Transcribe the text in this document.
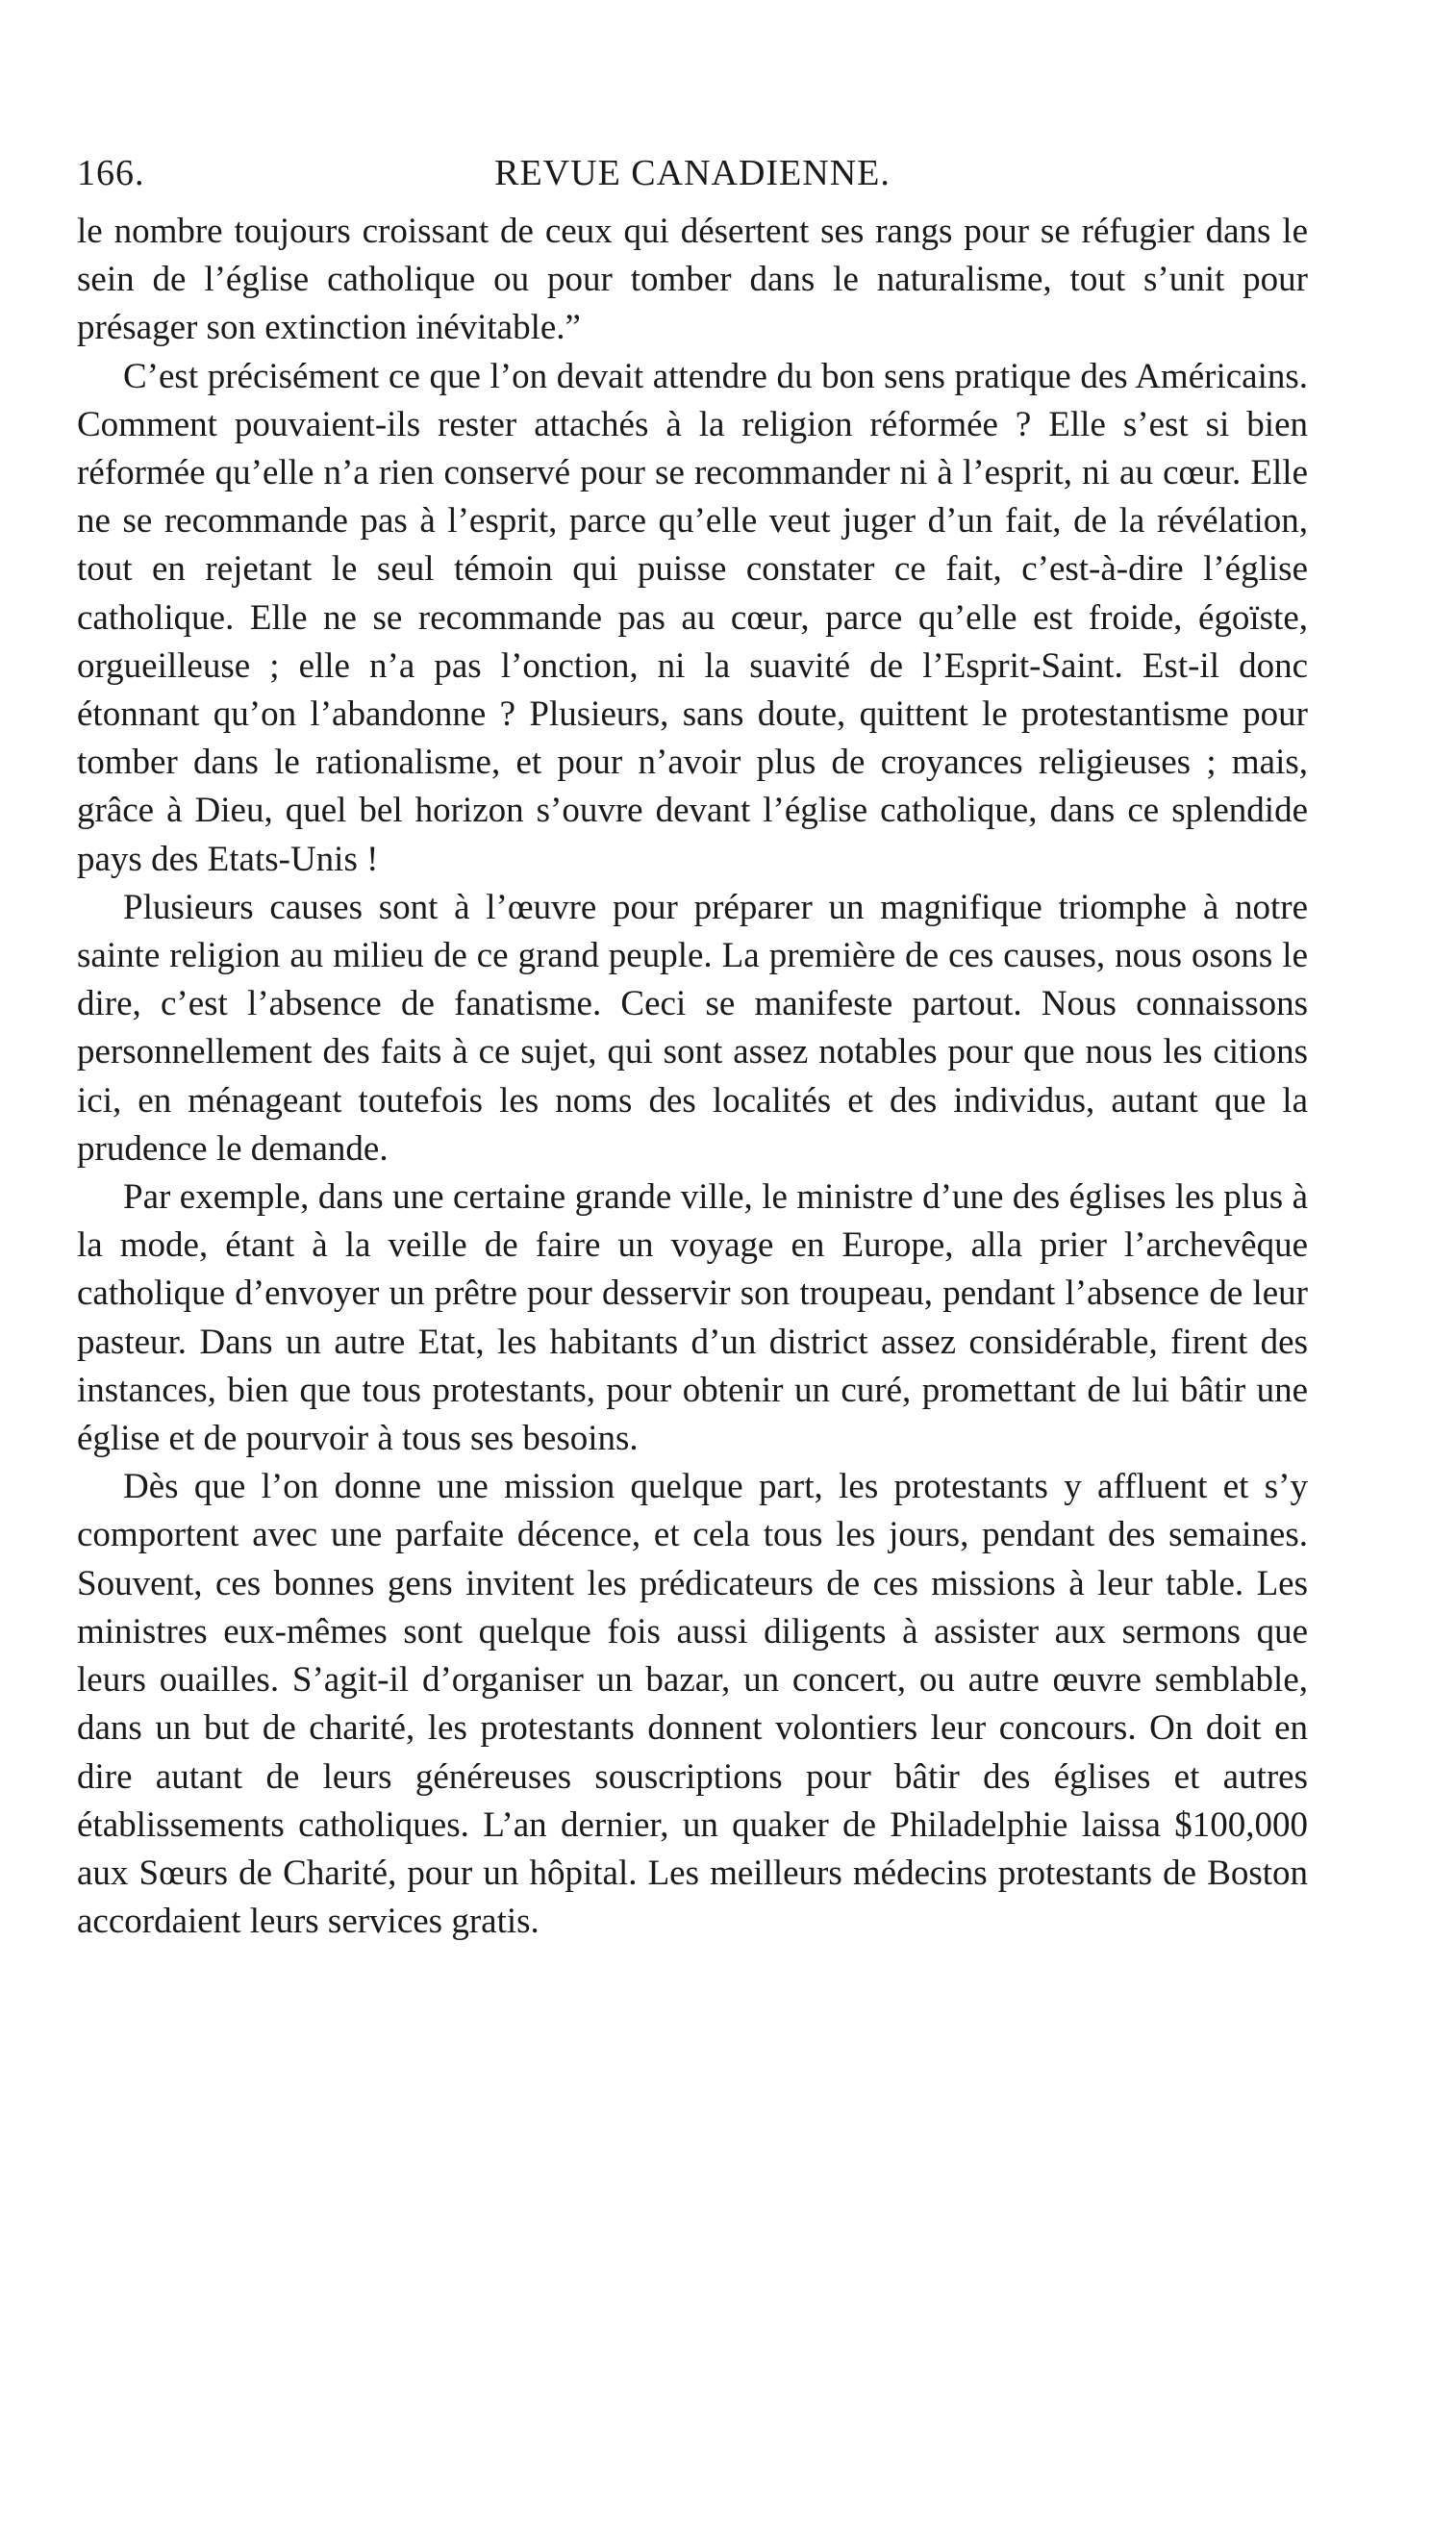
166.	REVUE CANADIENNE.

le nombre toujours croissant de ceux qui désertent ses rangs pour se réfugier dans le sein de l’église catholique ou pour tomber dans le naturalisme, tout s’unit pour présager son extinction inévitable.”

C’est précisément ce que l’on devait attendre du bon sens pratique des Américains. Comment pouvaient-ils rester attachés à la religion réformée ? Elle s’est si bien réformée qu’elle n’a rien conservé pour se recommander ni à l’esprit, ni au cœur. Elle ne se recommande pas à l’esprit, parce qu’elle veut juger d’un fait, de la révélation, tout en rejetant le seul témoin qui puisse constater ce fait, c’est-à-dire l’église catholique. Elle ne se recommande pas au cœur, parce qu’elle est froide, égoïste, orgueilleuse ; elle n’a pas l’onction, ni la suavité de l’Esprit-Saint. Est-il donc étonnant qu’on l’abandonne ? Plusieurs, sans doute, quittent le protestantisme pour tomber dans le rationalisme, et pour n’avoir plus de croyances religieuses ; mais, grâce à Dieu, quel bel horizon s’ouvre devant l’église catholique, dans ce splendide pays des Etats-Unis !

Plusieurs causes sont à l’œuvre pour préparer un magnifique triomphe à notre sainte religion au milieu de ce grand peuple. La première de ces causes, nous osons le dire, c’est l’absence de fanatisme. Ceci se manifeste partout. Nous connaissons personnellement des faits à ce sujet, qui sont assez notables pour que nous les citions ici, en ménageant toutefois les noms des localités et des individus, autant que la prudence le demande.

Par exemple, dans une certaine grande ville, le ministre d’une des églises les plus à la mode, étant à la veille de faire un voyage en Europe, alla prier l’archevêque catholique d’envoyer un prêtre pour desservir son troupeau, pendant l’absence de leur pasteur. Dans un autre Etat, les habitants d’un district assez considérable, firent des instances, bien que tous protestants, pour obtenir un curé, promettant de lui bâtir une église et de pourvoir à tous ses besoins.

Dès que l’on donne une mission quelque part, les protestants y affluent et s’y comportent avec une parfaite décence, et cela tous les jours, pendant des semaines. Souvent, ces bonnes gens invitent les prédicateurs de ces missions à leur table. Les ministres eux-mêmes sont quelque fois aussi diligents à assister aux sermons que leurs ouailles. S’agit-il d’organiser un bazar, un concert, ou autre œuvre semblable, dans un but de charité, les protestants donnent volontiers leur concours. On doit en dire autant de leurs généreuses souscriptions pour bâtir des églises et autres établissements catholiques. L’an dernier, un quaker de Philadelphie laissa $100,000 aux Sœurs de Charité, pour un hôpital. Les meilleurs médecins protestants de Boston accordaient leurs services gratis.
